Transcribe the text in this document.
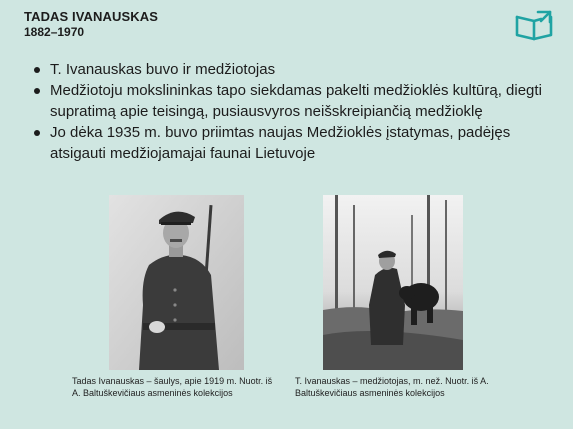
TADAS IVANAUSKAS
1882–1970
T. Ivanauskas buvo ir medžiotojas
Medžiotoju mokslininkas tapo siekdamas pakelti medžioklės kultūrą, diegti supratimą apie teisingą, pusiausvyros neišskreipiančią medžioklę
Jo dėka 1935 m. buvo priimtas naujas Medžioklės įstatymas, padėjęs atsigauti medžiojamajai faunai Lietuvoje
Tadas Ivanauskas – šaulys, apie 1919 m. Nuotr. iš A. Baltuškevičiaus asmeninės kolekcijos
T. Ivanauskas – medžiotojas, m. než. Nuotr. iš A. Baltuškevičiaus asmeninės kolekcijos
